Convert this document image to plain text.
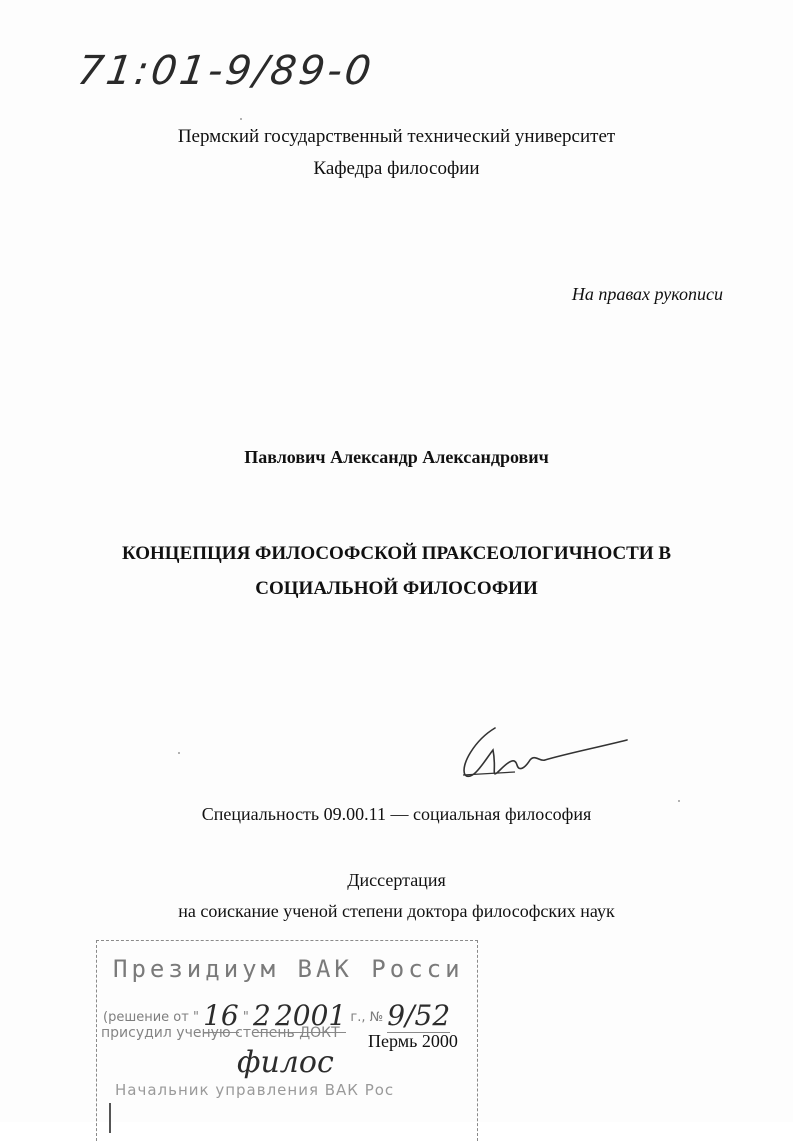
71:01-9/89-0
Пермский государственный технический университет
Кафедра философии
На правах рукописи
Павлович Александр Александрович
КОНЦЕПЦИЯ ФИЛОСОФСКОЙ ПРАКСЕОЛОГИЧНОСТИ В
СОЦИАЛЬНОЙ ФИЛОСОФИИ
Специальность 09.00.11 — социальная философия
Диссертация
на соискание ученой степени доктора философских наук
Президиум ВАК Росси
(решение от " 16 " 2 2001 г., № 9/52
присудил ученую степень ДОКТ
филос
Начальник управления ВАК Рос
Пермь 2000
